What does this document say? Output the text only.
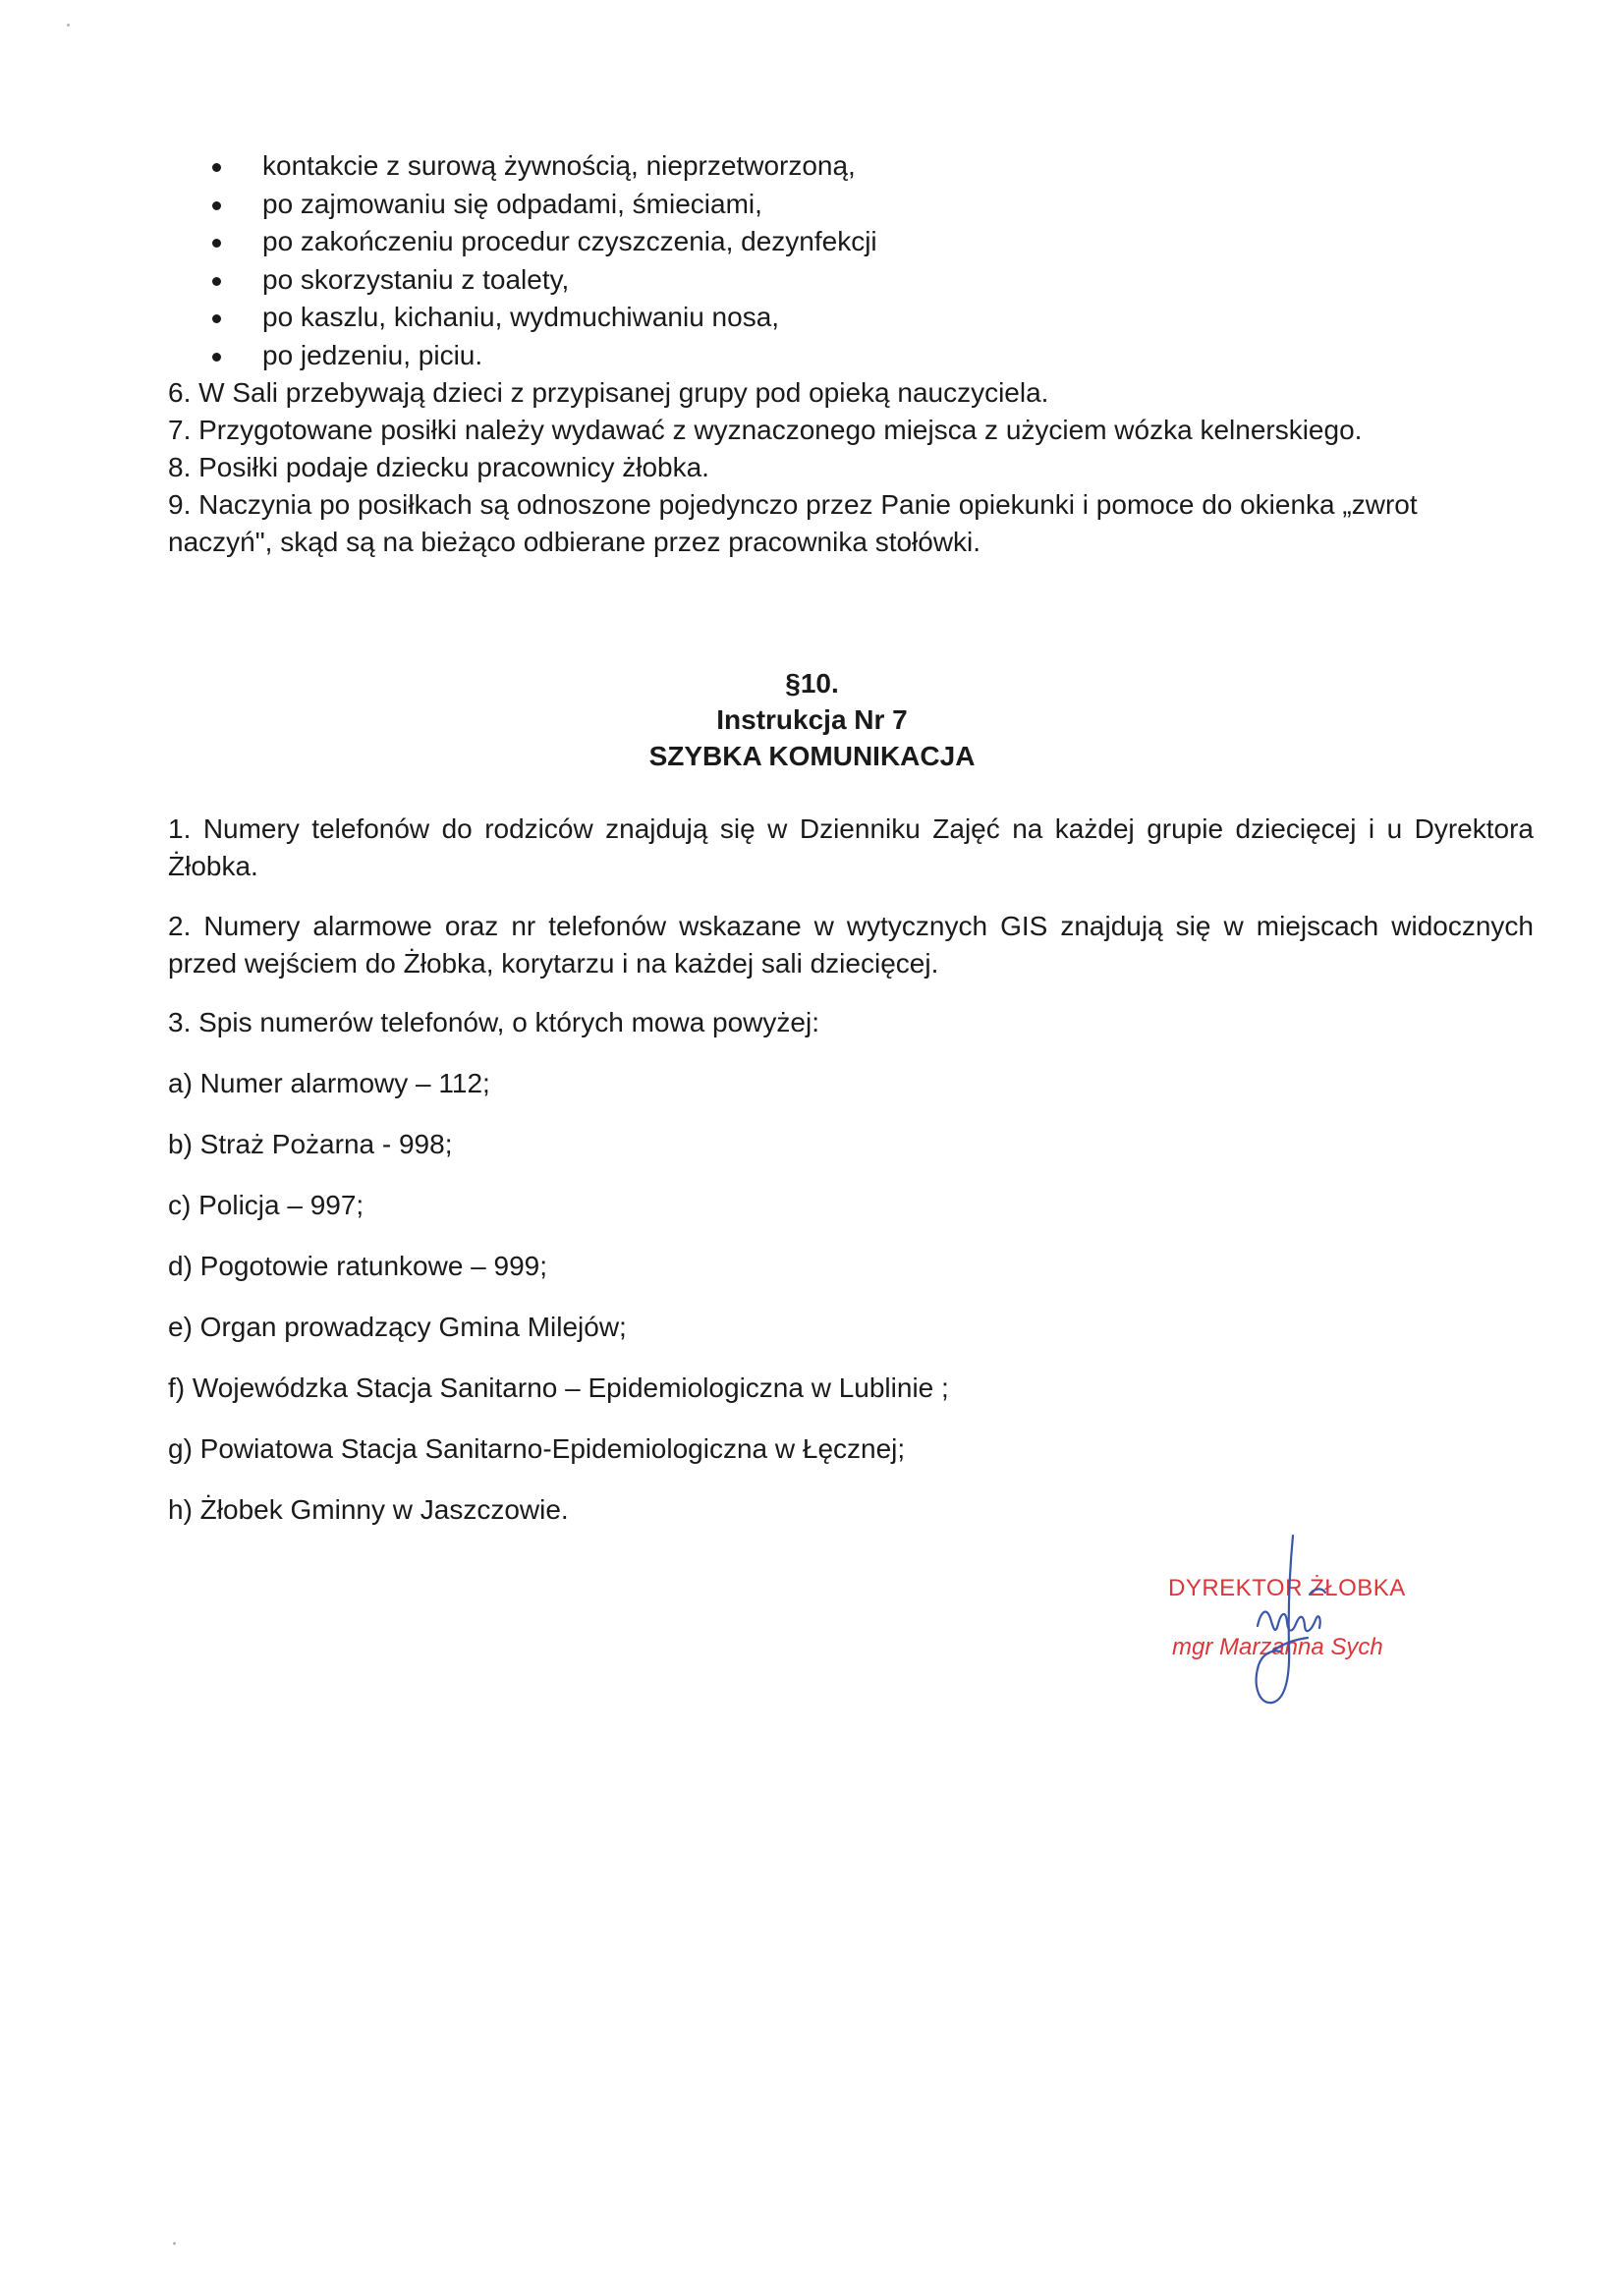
kontakcie z surową żywnością, nieprzetworzoną,
po zajmowaniu się odpadami, śmieciami,
po zakończeniu procedur czyszczenia, dezynfekcji
po skorzystaniu z toalety,
po kaszlu, kichaniu, wydmuchiwaniu nosa,
po jedzeniu, piciu.

6. W Sali przebywają dzieci z przypisanej grupy pod opieką nauczyciela.

7. Przygotowane posiłki należy wydawać z wyznaczonego miejsca z użyciem wózka kelnerskiego.

8. Posiłki podaje dziecku pracownicy żłobka.

9. Naczynia po posiłkach są odnoszone pojedynczo przez Panie opiekunki i pomoce do okienka „zwrot naczyń", skąd są na bieżąco odbierane przez pracownika stołówki.

§10.
Instrukcja Nr 7
SZYBKA KOMUNIKACJA

1. Numery telefonów do rodziców znajdują się w Dzienniku Zajęć na każdej grupie dziecięcej i u Dyrektora Żłobka.

2. Numery alarmowe oraz nr telefonów wskazane w wytycznych GIS znajdują się w miejscach widocznych przed wejściem do Żłobka, korytarzu i na każdej sali dziecięcej.

3. Spis numerów telefonów, o których mowa powyżej:

a) Numer alarmowy – 112;

b) Straż Pożarna - 998;

c) Policja – 997;

d) Pogotowie ratunkowe – 999;

e) Organ prowadzący Gmina Milejów;

f) Wojewódzka Stacja Sanitarno – Epidemiologiczna w Lublinie ;

g) Powiatowa Stacja Sanitarno-Epidemiologiczna w Łęcznej;

h) Żłobek Gminny w Jaszczowie.

DYREKTOR ŻŁOBKA
mgr Marzanna Sych
